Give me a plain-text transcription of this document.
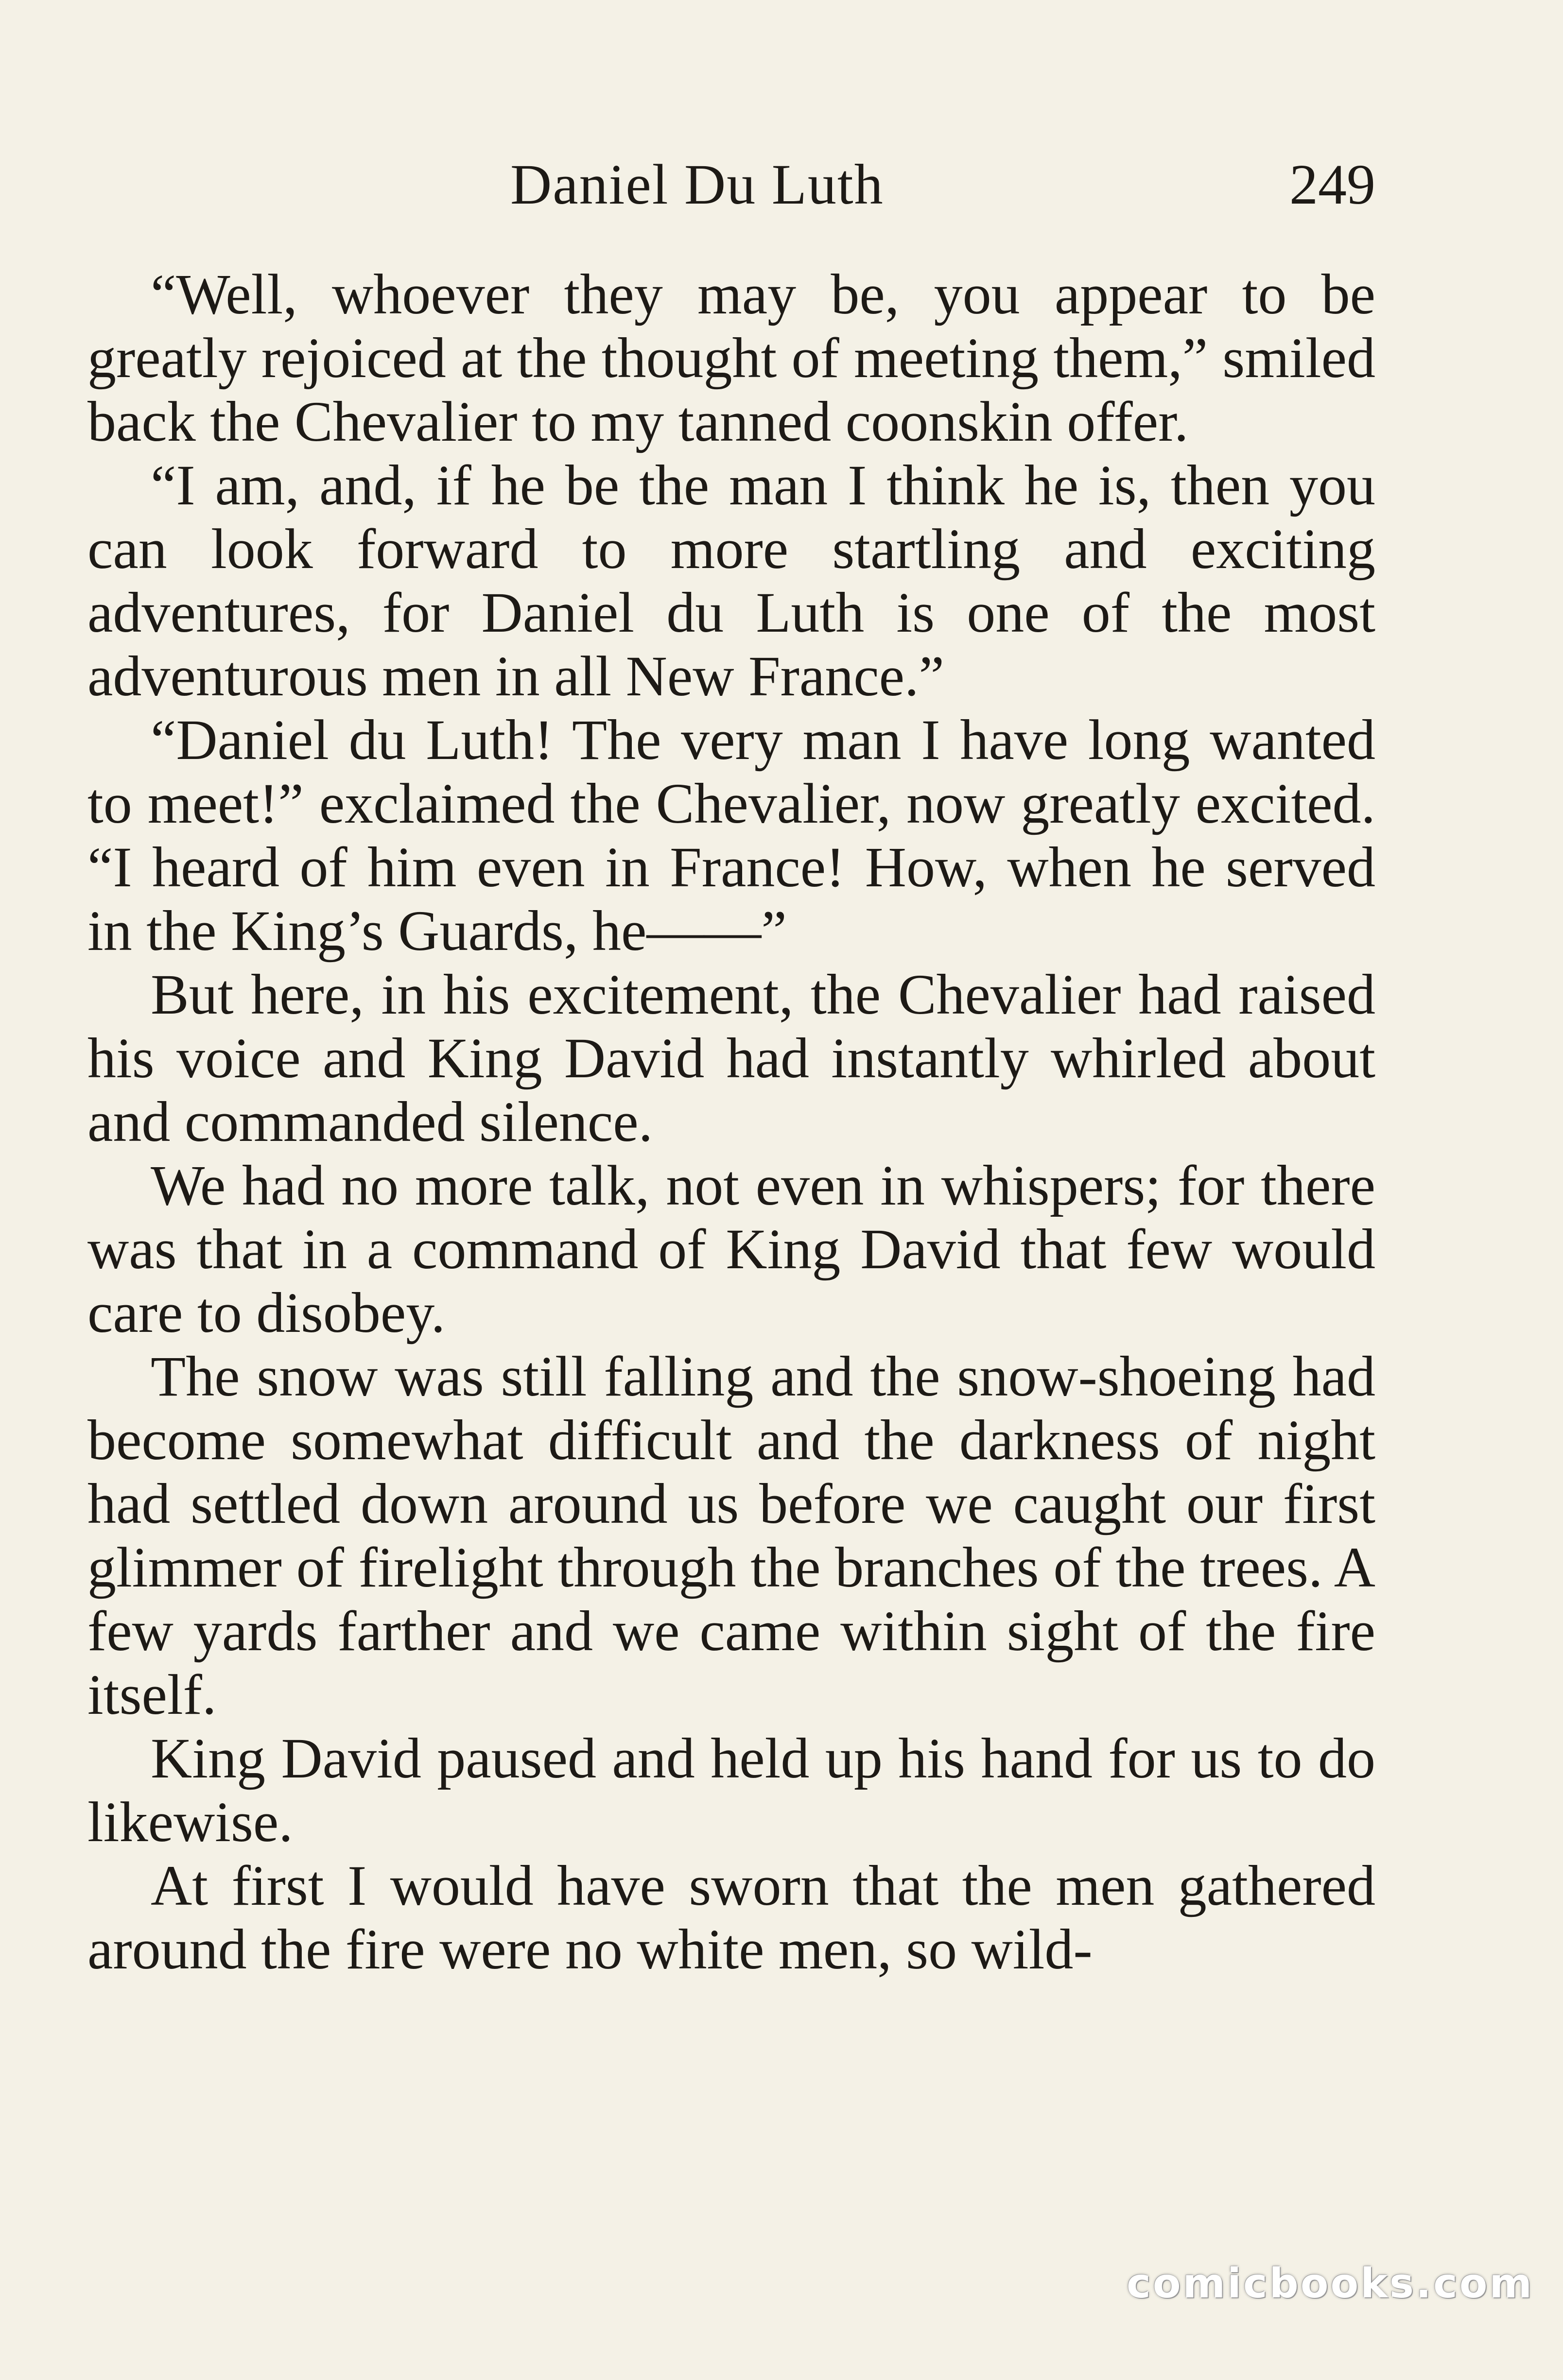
Daniel Du Luth	249

“Well, whoever they may be, you appear to be greatly rejoiced at the thought of meeting them,” smiled back the Chevalier to my tanned coonskin offer.

“I am, and, if he be the man I think he is, then you can look forward to more startling and exciting adventures, for Daniel du Luth is one of the most adventurous men in all New France.”

“Daniel du Luth! The very man I have long wanted to meet!” exclaimed the Chevalier, now greatly excited. “I heard of him even in France! How, when he served in the King’s Guards, he——”

But here, in his excitement, the Chevalier had raised his voice and King David had instantly whirled about and commanded silence.

We had no more talk, not even in whispers; for there was that in a command of King David that few would care to disobey.

The snow was still falling and the snow-shoeing had become somewhat difficult and the darkness of night had settled down around us before we caught our first glimmer of firelight through the branches of the trees. A few yards farther and we came within sight of the fire itself.

King David paused and held up his hand for us to do likewise.

At first I would have sworn that the men gathered around the fire were no white men, so wild-

comicbooks.com
